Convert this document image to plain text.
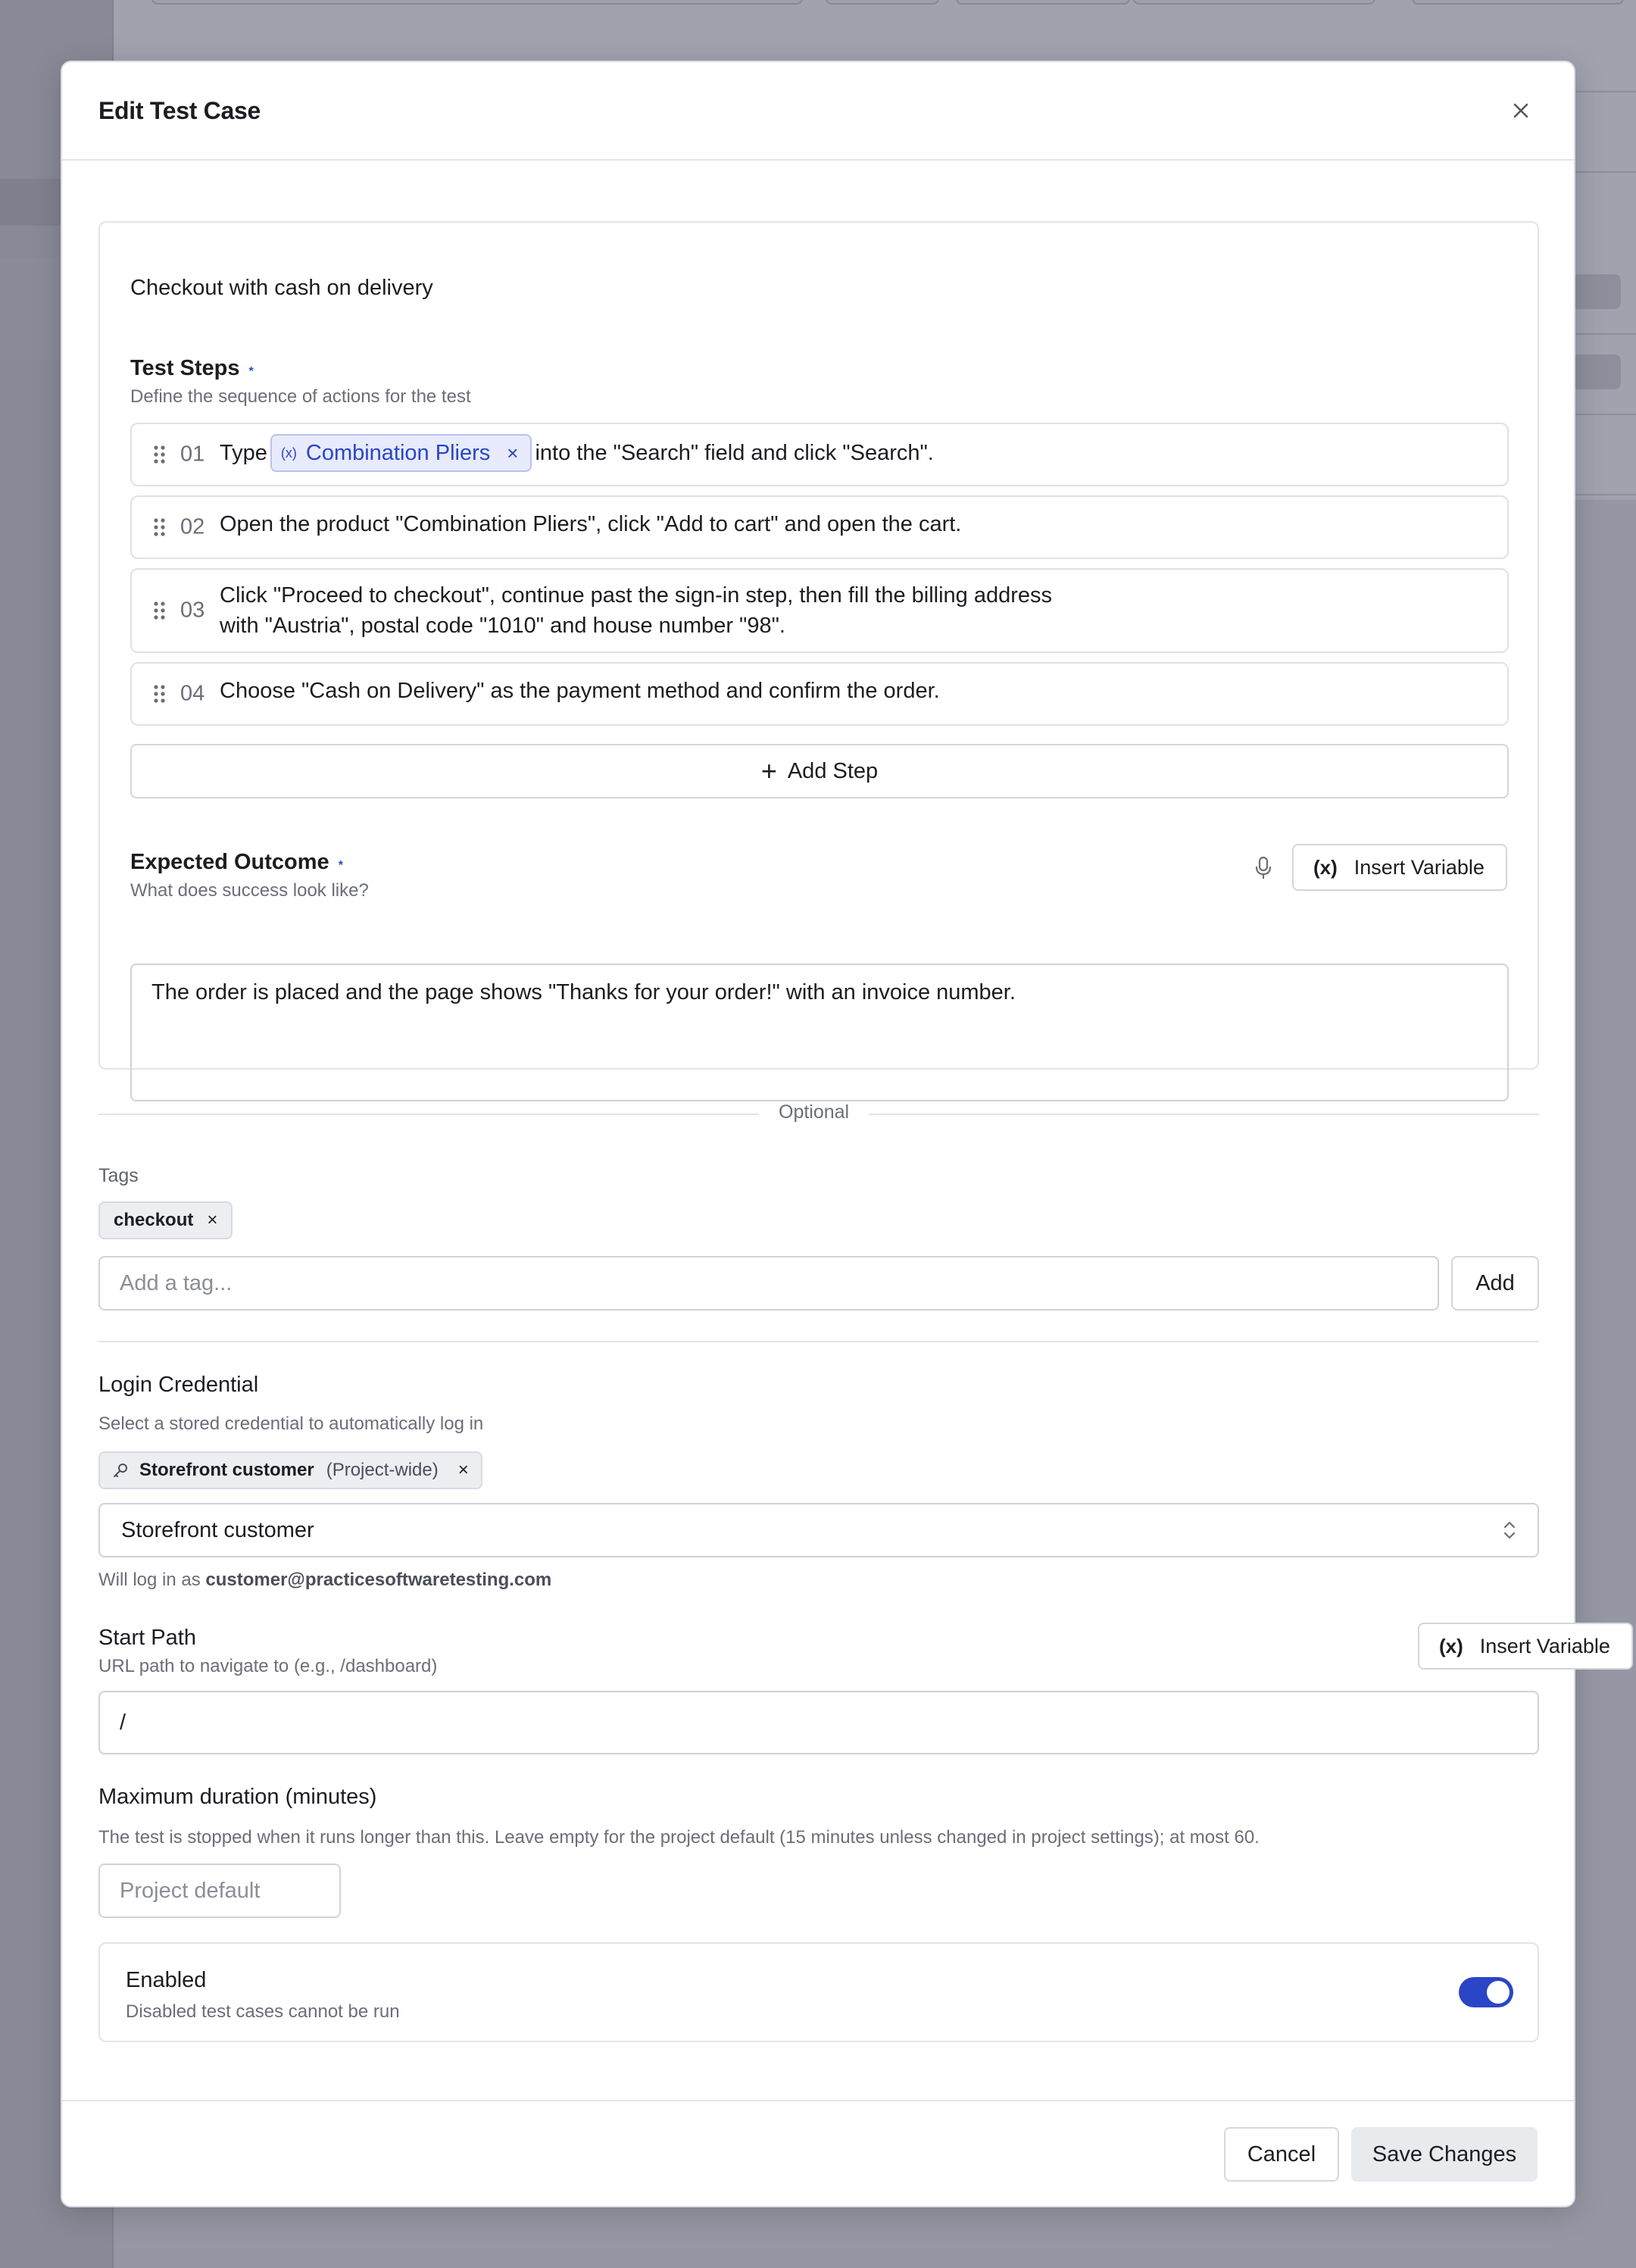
Edit Test Case
Checkout with cash on delivery
Test Steps *
Define the sequence of actions for the test
01 Type (x) Combination Pliers × into the "Search" field and click "Search".
02 Open the product "Combination Pliers", click "Add to cart" and open the cart.
03
Click "Proceed to checkout", continue past the sign-in step, then fill the billing address
with "Austria", postal code "1010" and house number "98".
04 Choose "Cash on Delivery" as the payment method and confirm the order.
+ Add Step
Expected Outcome *
What does success look like?
(x) Insert Variable
The order is placed and the page shows "Thanks for your order!" with an invoice number.
Optional
Tags
checkout ×
Add a tag...	Add
Login Credential
Select a stored credential to automatically log in
Storefront customer (Project-wide) ×
Storefront customer
Will log in as customer@practicesoftwaretesting.com
Start Path
URL path to navigate to (e.g., /dashboard)
(x) Insert Variable
/
Maximum duration (minutes)
The test is stopped when it runs longer than this. Leave empty for the project default (15 minutes unless changed in project settings); at most 60.
Project default
Enabled
Disabled test cases cannot be run
Cancel	Save Changes
